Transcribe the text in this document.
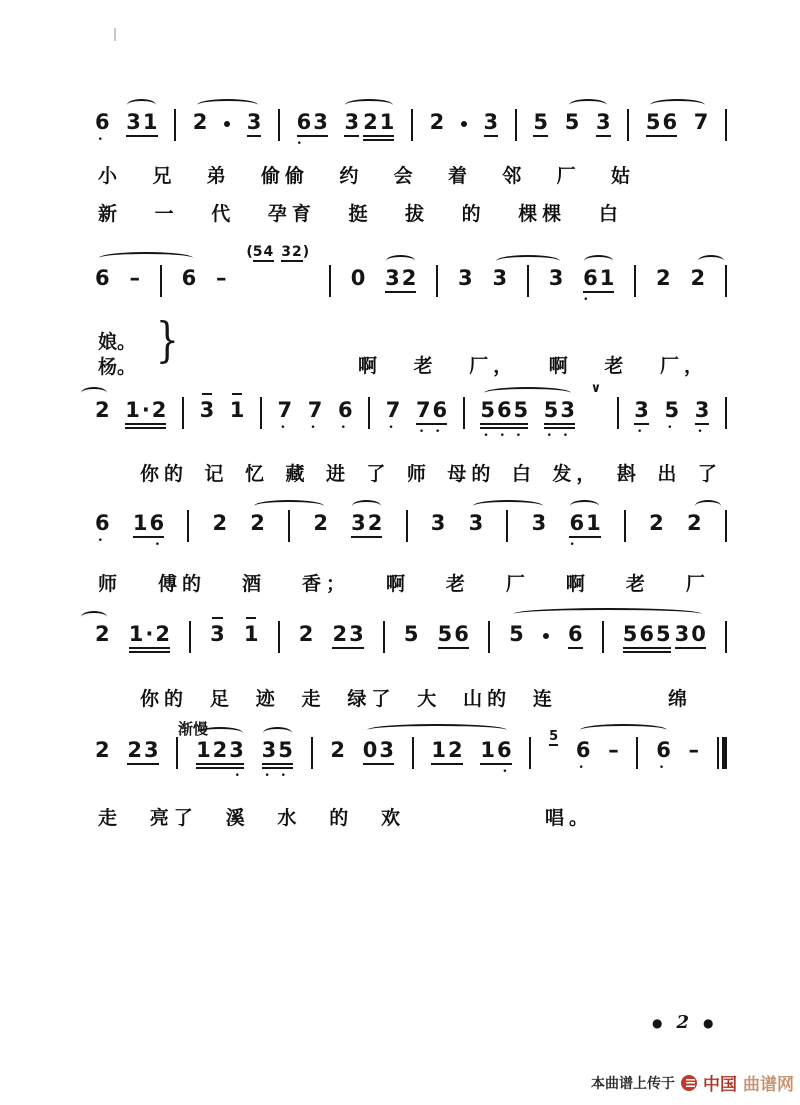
6
•
31 2 3 63
•
3 21 2 3 5 5 3 56 7
6 – 6 –
(54  32)
0 32 3 3 3 61
•
2 2
2 1·2 3 1 7
•
7
•
6
•
7
•
76
• •
565
• • •
53
• •
∨
3
•
5
•
3
•
6
•
16
•
2 2 2 32 3 3 3 61
•
2 2
2 1·2 3 1 2 23 5 56 5 6 565 30
2 23 123
•
35
• •
2 03 12 16
•
5
6
•
– 6
•
–
小 兄 弟 偷偷 约 会 着 邻 厂 姑
新 一 代 孕育 挺 拔 的 棵棵 白
啊 老 厂， 啊 老 厂，
你的 记 忆 藏 进 了 师 母的 白 发， 斟 出 了
师 傅的 酒 香； 啊 老 厂 啊 老 厂
你的 足 迹 走 绿了 大 山的 连	绵
走 亮了 溪 水 的 欢	唱。
娘。
杨。 }
渐慢
● 2 ●
本曲谱上传于 中国 曲谱网
